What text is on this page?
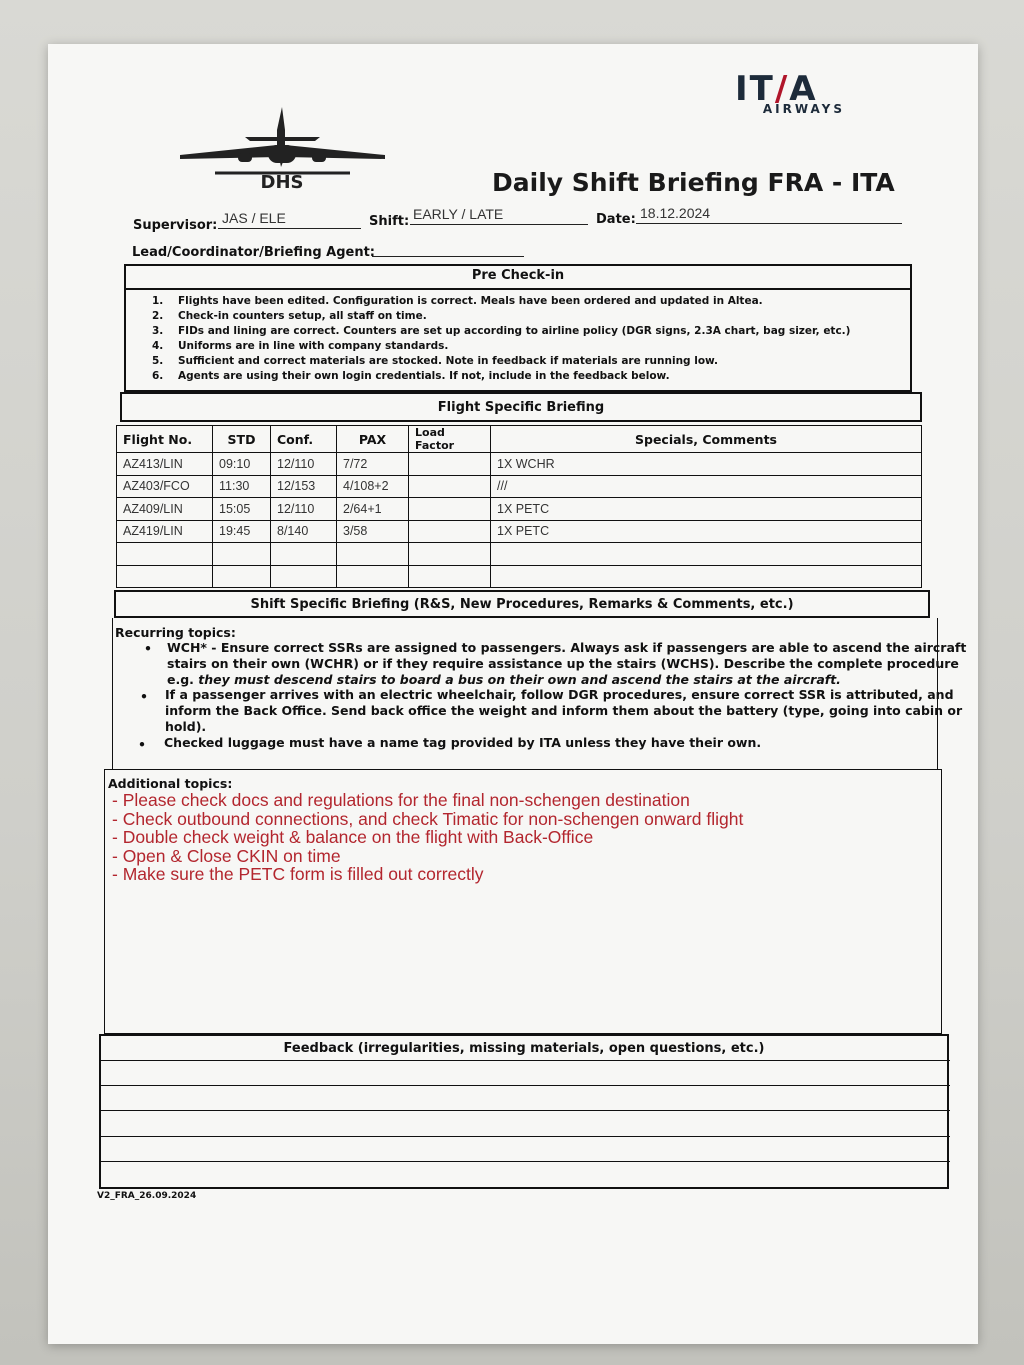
DHS
IT/A
AIRWAYS
Daily Shift Briefing FRA - ITA
Supervisor: JAS / ELE	Shift: EARLY / LATE	Date: 18.12.2024
Lead/Coordinator/Briefing Agent:
Pre Check-in
1. Flights have been edited. Configuration is correct. Meals have been ordered and updated in Altea.
2. Check-in counters setup, all staff on time.
3. FIDs and lining are correct. Counters are set up according to airline policy (DGR signs, 2.3A chart, bag sizer, etc.)
4. Uniforms are in line with company standards.
5. Sufficient and correct materials are stocked. Note in feedback if materials are running low.
6. Agents are using their own login credentials. If not, include in the feedback below.
Flight Specific Briefing
Flight No.	STD	Conf.	PAX	Load Factor	Specials, Comments
AZ413/LIN	09:10	12/110	7/72		1X WCHR
AZ403/FCO	11:30	12/153	4/108+2		///
AZ409/LIN	15:05	12/110	2/64+1		1X PETC
AZ419/LIN	19:45	8/140	3/58		1X PETC

Shift Specific Briefing (R&S, New Procedures, Remarks & Comments, etc.)
Recurring topics:
• WCH* - Ensure correct SSRs are assigned to passengers. Always ask if passengers are able to ascend the aircraft
stairs on their own (WCHR) or if they require assistance up the stairs (WCHS). Describe the complete procedure
e.g. they must descend stairs to board a bus on their own and ascend the stairs at the aircraft.
• If a passenger arrives with an electric wheelchair, follow DGR procedures, ensure correct SSR is attributed, and
inform the Back Office. Send back office the weight and inform them about the battery (type, going into cabin or
hold).
• Checked luggage must have a name tag provided by ITA unless they have their own.
Additional topics:
- Please check docs and regulations for the final non-schengen destination
- Check outbound connections, and check Timatic for non-schengen onward flight
- Double check weight & balance on the flight with Back-Office
- Open & Close CKIN on time
- Make sure the PETC form is filled out correctly
Feedback (irregularities, missing materials, open questions, etc.)
V2_FRA_26.09.2024
